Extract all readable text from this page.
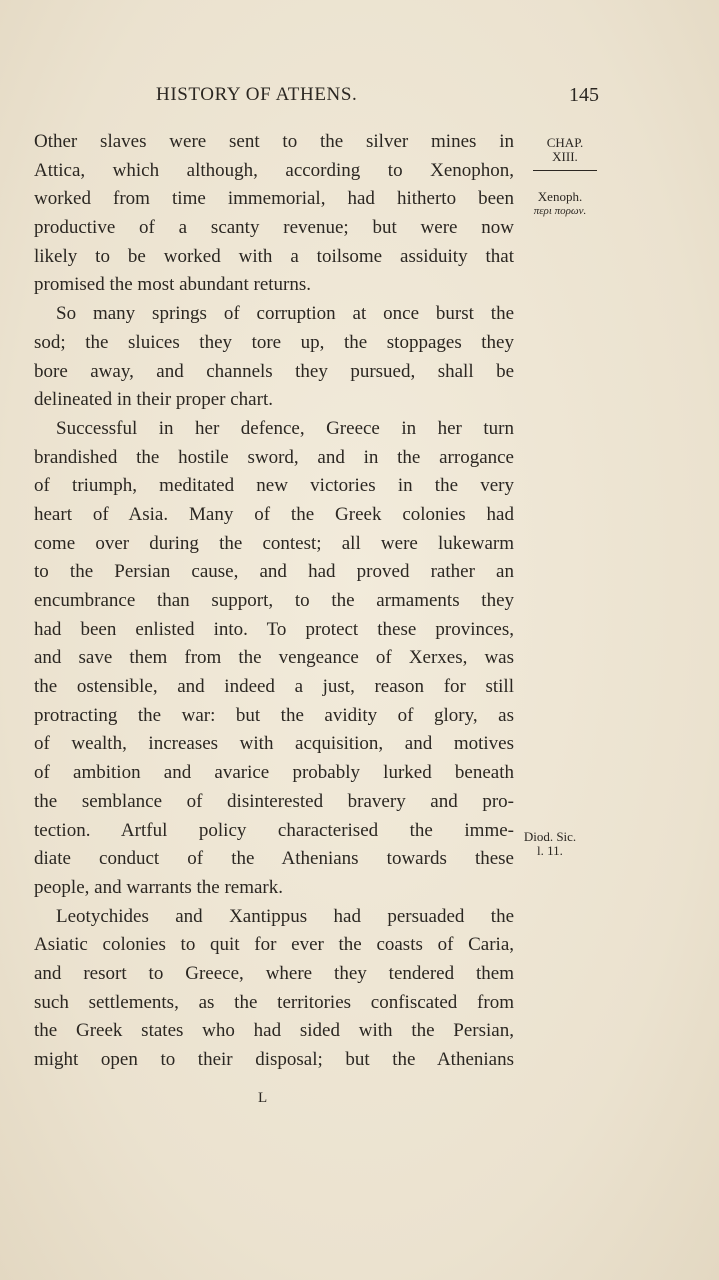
HISTORY OF ATHENS.	145
CHAP.
XIII.
Xenoph.
περι πορων.
Diod. Sic.
l. 11.
Other slaves were sent to the silver mines in
Attica, which although, according to Xenophon,
worked from time immemorial, had hitherto been
productive of a scanty revenue; but were now
likely to be worked with a toilsome assiduity that
promised the most abundant returns.
So many springs of corruption at once burst the
sod; the sluices they tore up, the stoppages they
bore away, and channels they pursued, shall be
delineated in their proper chart.
Successful in her defence, Greece in her turn
brandished the hostile sword, and in the arrogance
of triumph, meditated new victories in the very
heart of Asia. Many of the Greek colonies had
come over during the contest; all were lukewarm
to the Persian cause, and had proved rather an
encumbrance than support, to the armaments they
had been enlisted into. To protect these provinces,
and save them from the vengeance of Xerxes, was
the ostensible, and indeed a just, reason for still
protracting the war: but the avidity of glory, as
of wealth, increases with acquisition, and motives
of ambition and avarice probably lurked beneath
the semblance of disinterested bravery and pro-
tection. Artful policy characterised the imme-
diate conduct of the Athenians towards these
people, and warrants the remark.
Leotychides and Xantippus had persuaded the
Asiatic colonies to quit for ever the coasts of Caria,
and resort to Greece, where they tendered them
such settlements, as the territories confiscated from
the Greek states who had sided with the Persian,
might open to their disposal; but the Athenians
L
